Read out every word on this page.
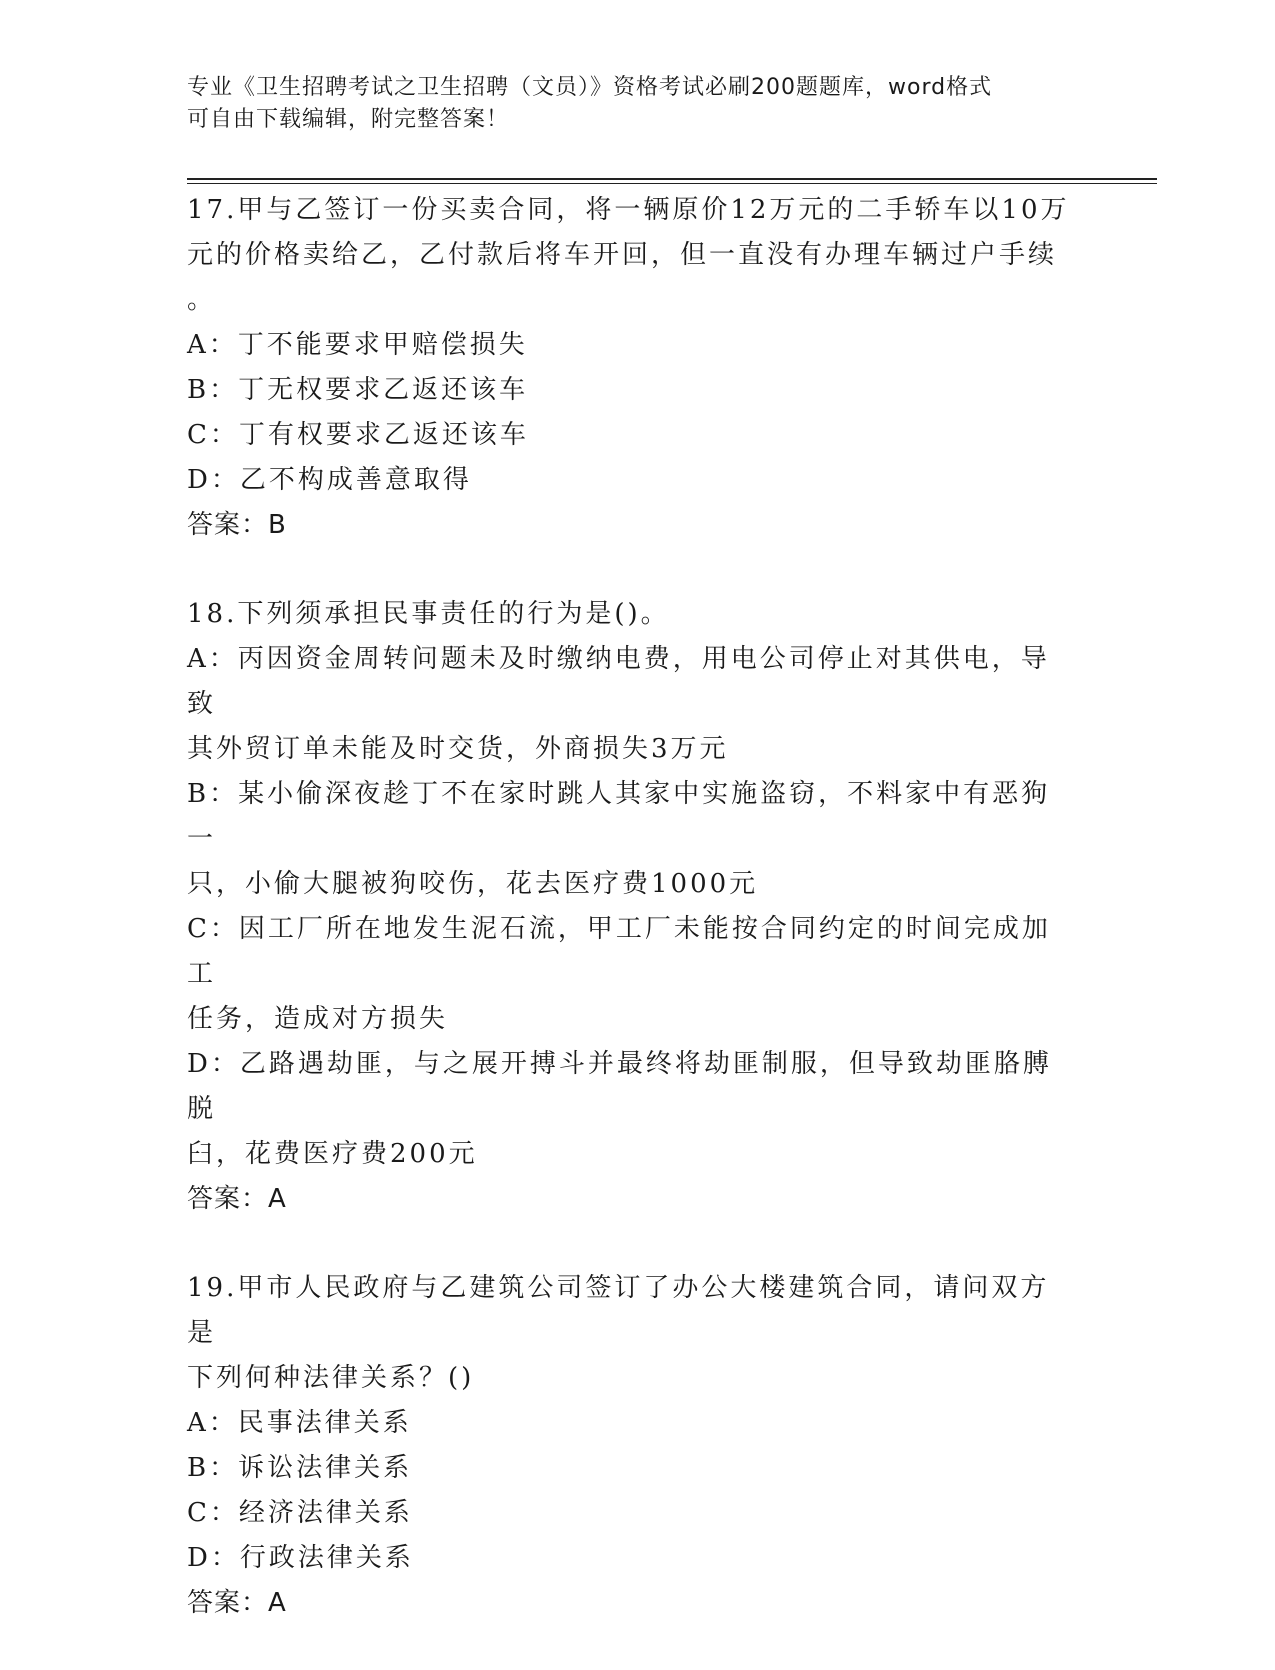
专业《卫生招聘考试之卫生招聘（文员）》资格考试必刷200题题库，word格式
可自由下载编辑，附完整答案！
17.甲与乙签订一份买卖合同，将一辆原价12万元的二手轿车以10万
元的价格卖给乙，乙付款后将车开回，但一直没有办理车辆过户手续
。
A：丁不能要求甲赔偿损失
B：丁无权要求乙返还该车
C：丁有权要求乙返还该车
D：乙不构成善意取得
答案：B
18.下列须承担民事责任的行为是()。
A：丙因资金周转问题未及时缴纳电费，用电公司停止对其供电，导致
其外贸订单未能及时交货，外商损失3万元
B：某小偷深夜趁丁不在家时跳人其家中实施盗窃，不料家中有恶狗一
只，小偷大腿被狗咬伤，花去医疗费1000元
C：因工厂所在地发生泥石流，甲工厂未能按合同约定的时间完成加工
任务，造成对方损失
D：乙路遇劫匪，与之展开搏斗并最终将劫匪制服，但导致劫匪胳膊脱
臼，花费医疗费200元
答案：A
19.甲市人民政府与乙建筑公司签订了办公大楼建筑合同，请问双方是
下列何种法律关系？()
A：民事法律关系
B：诉讼法律关系
C：经济法律关系
D：行政法律关系
答案：A
